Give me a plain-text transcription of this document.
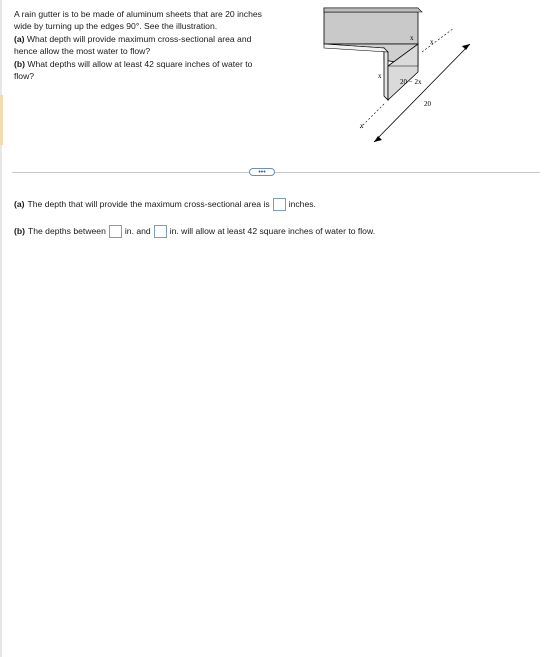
A rain gutter is to be made of aluminum sheets that are 20 inches wide by turning up the edges 90°. See the illustration.

(a) What depth will provide maximum cross-sectional area and hence allow the most water to flow?

(b) What depths will allow at least 42 square inches of water to flow?

x x
x
x
20 − 2x
20
•••
(a) The depth that will provide the maximum cross-sectional area is inches.
(b) The depths between in. and in. will allow at least 42 square inches of water to flow.
